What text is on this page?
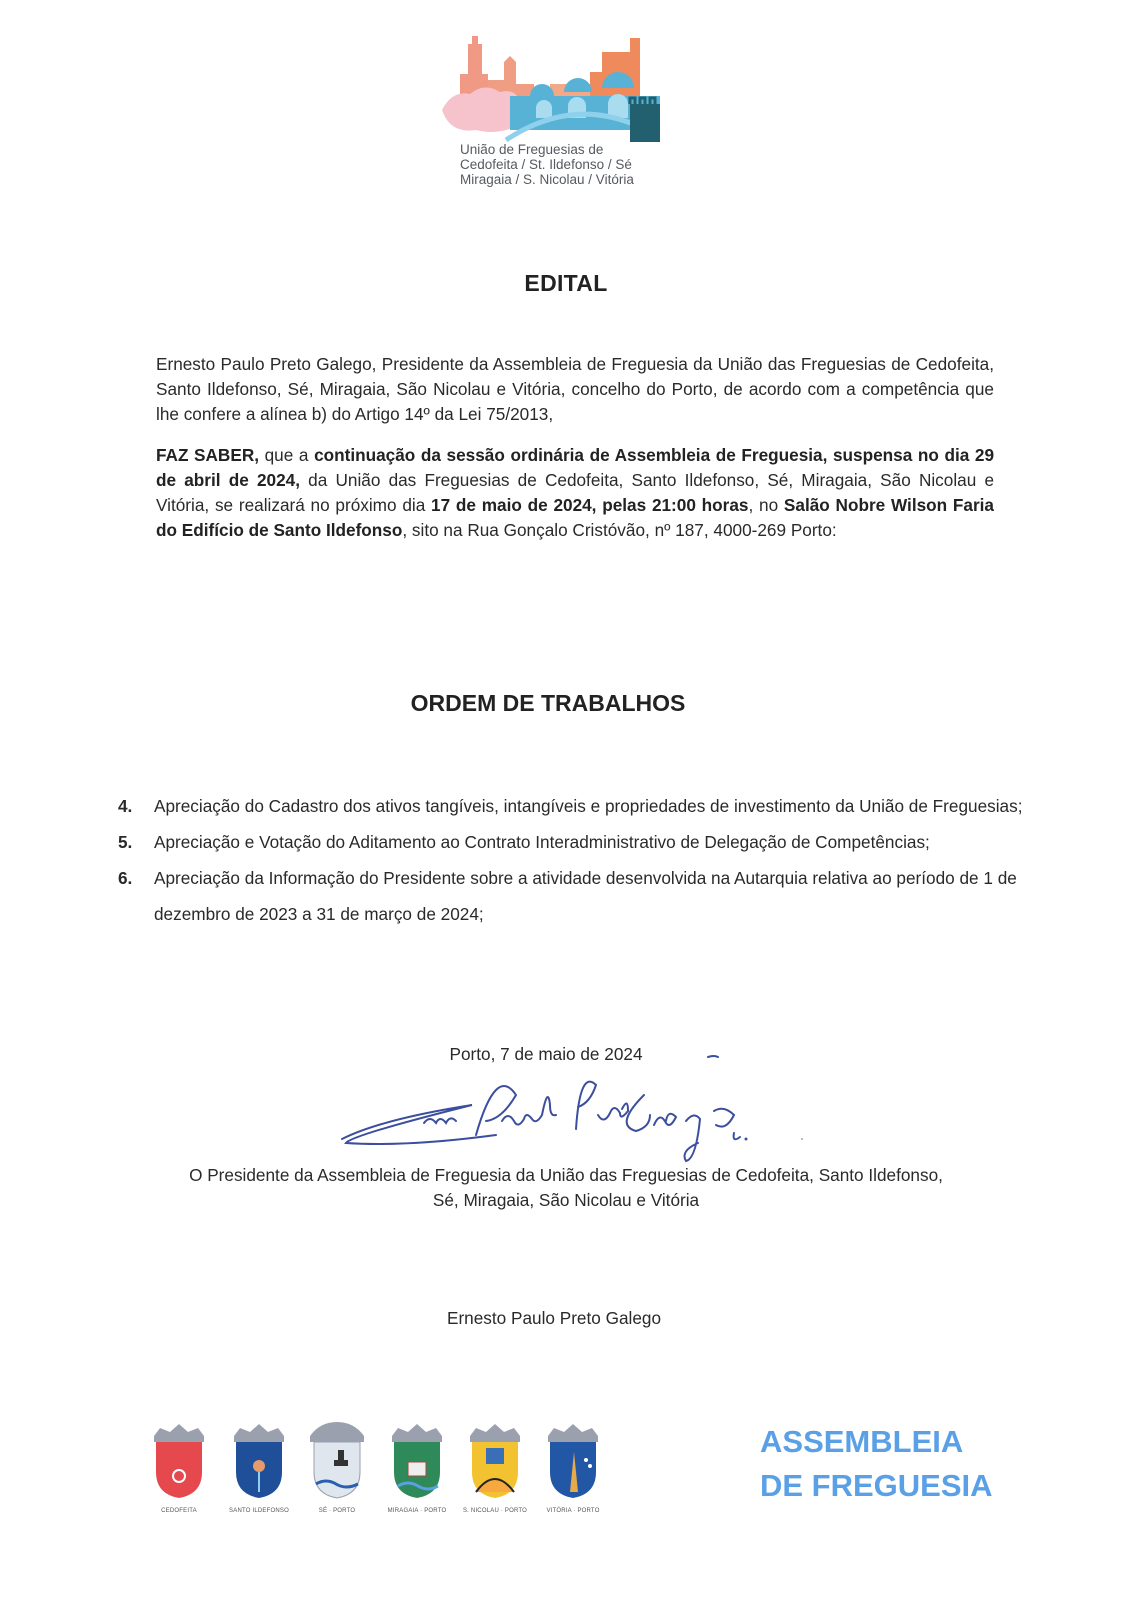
União de Freguesias de
Cedofeita / St. Ildefonso / Sé
Miragaia / S. Nicolau / Vitória
EDITAL

Ernesto Paulo Preto Galego, Presidente da Assembleia de Freguesia da União das Freguesias de Cedofeita, Santo Ildefonso, Sé, Miragaia, São Nicolau e Vitória, concelho do Porto, de acordo com a competência que lhe confere a alínea b) do Artigo 14º da Lei 75/2013,

FAZ SABER, que a continuação da sessão ordinária de Assembleia de Freguesia, suspensa no dia 29 de abril de 2024, da União das Freguesias de Cedofeita, Santo Ildefonso, Sé, Miragaia, São Nicolau e Vitória, se realizará no próximo dia 17 de maio de 2024, pelas 21:00 horas, no Salão Nobre Wilson Faria do Edifício de Santo Ildefonso, sito na Rua Gonçalo Cristóvão, nº 187, 4000-269 Porto:

ORDEM DE TRABALHOS
4. Apreciação do Cadastro dos ativos tangíveis, intangíveis e propriedades de investimento da União de Freguesias;
5. Apreciação e Votação do Aditamento ao Contrato Interadministrativo de Delegação de Competências;
6. Apreciação da Informação do Presidente sobre a atividade desenvolvida na Autarquia relativa ao período de 1 de dezembro de 2023 a 31 de março de 2024;
Porto, 7 de maio de 2024
O Presidente da Assembleia de Freguesia da União das Freguesias de Cedofeita, Santo Ildefonso, Sé, Miragaia, São Nicolau e Vitória
Ernesto Paulo Preto Galego
CEDOFEITA	SANTO ILDEFONSO	SÉ · PORTO	MIRAGAIA · PORTO	S. NICOLAU · PORTO	VITÓRIA · PORTO
ASSEMBLEIA
DE FREGUESIA
